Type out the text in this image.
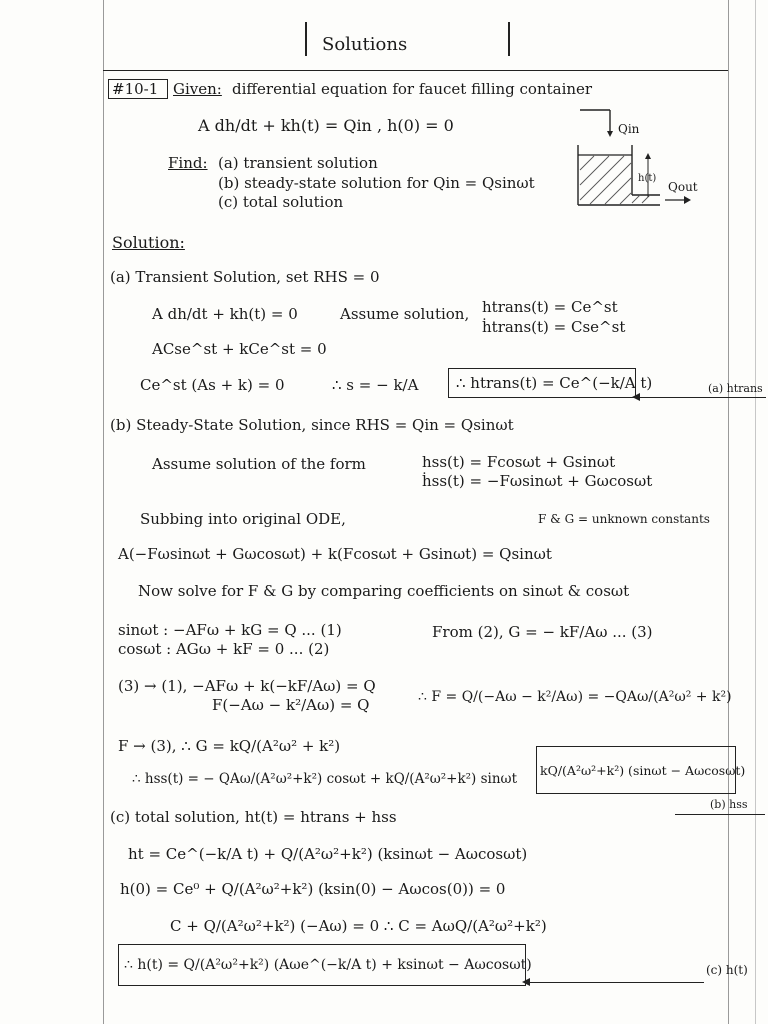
Solutions
#10-1 Given: differential equation for faucet filling container
A dh/dt + kh(t) = Qin , h(0) = 0
Find: (a) transient solution
(b) steady-state solution for Qin = Qsinωt
(c) total solution
Qin
h(t)
Qout
Solution:
(a) Transient Solution, set RHS = 0
A dh/dt + kh(t) = 0	Assume solution, htrans(t) = Ce^st
ḣtrans(t) = Cse^st
ACse^st + kCe^st = 0
Ce^st (As + k) = 0	∴ s = − k/A	∴ htrans(t) = Ce^(−k/A t)	(a) htrans
(b) Steady-State Solution, since RHS = Qin = Qsinωt
Assume solution of the form	hss(t) = Fcosωt + Gsinωt
ḣss(t) = −Fωsinωt + Gωcosωt
Subbing into original ODE,	F & G = unknown constants
A(−Fωsinωt + Gωcosωt) + k(Fcosωt + Gsinωt) = Qsinωt
Now solve for F & G by comparing coefficients on sinωt & cosωt
sinωt : −AFω + kG = Q ... (1)
cosωt : AGω + kF = 0 ... (2)
From (2), G = − kF/Aω ... (3)
(3) → (1), −AFω + k(−kF/Aω) = Q
F(−Aω − k²/Aω) = Q	∴ F = Q/(−Aω − k²/Aω) = −QAω/(A²ω² + k²)
F → (3), ∴ G = kQ/(A²ω² + k²)
∴ hss(t) = − QAω/(A²ω²+k²) cosωt + kQ/(A²ω²+k²) sinωt
kQ/(A²ω²+k²) (sinωt − Aωcosωt)
(b) hss
(c) total solution, ht(t) = htrans + hss
ht = Ce^(−k/A t) + Q/(A²ω²+k²) (ksinωt − Aωcosωt)
h(0) = Ce⁰ + Q/(A²ω²+k²) (ksin(0) − Aωcos(0)) = 0
C + Q/(A²ω²+k²) (−Aω) = 0 ∴ C = AωQ/(A²ω²+k²)
∴ h(t) = Q/(A²ω²+k²) (Aωe^(−k/A t) + ksinωt − Aωcosωt)	(c) h(t)
